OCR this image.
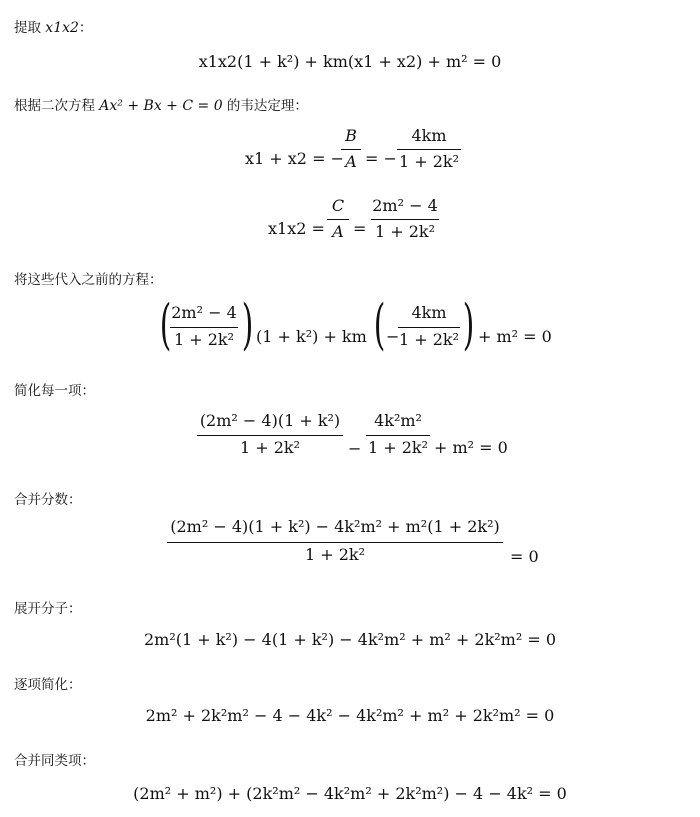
提取 x1x2：
x1x2(1 + k²) + km(x1 + x2) + m² = 0
根据二次方程 Ax² + Bx + C = 0 的韦达定理：
x1 + x2 = −
B
A = −
4km
1 + 2k²
x1x2 =
C
A =
2m² − 4
1 + 2k²
将这些代入之前的方程：
( 2m² − 4
1 + 2k² ) (1 + k²) + km ( −
4km
1 + 2k² ) + m² = 0
简化每一项：
(2m² − 4)(1 + k²)
1 + 2k²	−
4k²m²
1 + 2k² + m² = 0
合并分数：
(2m² − 4)(1 + k²) − 4k²m² + m²(1 + 2k²)
1 + 2k²	= 0
展开分子：
2m²(1 + k²) − 4(1 + k²) − 4k²m² + m² + 2k²m² = 0
逐项简化：
2m² + 2k²m² − 4 − 4k² − 4k²m² + m² + 2k²m² = 0
合并同类项：
(2m² + m²) + (2k²m² − 4k²m² + 2k²m²) − 4 − 4k² = 0
